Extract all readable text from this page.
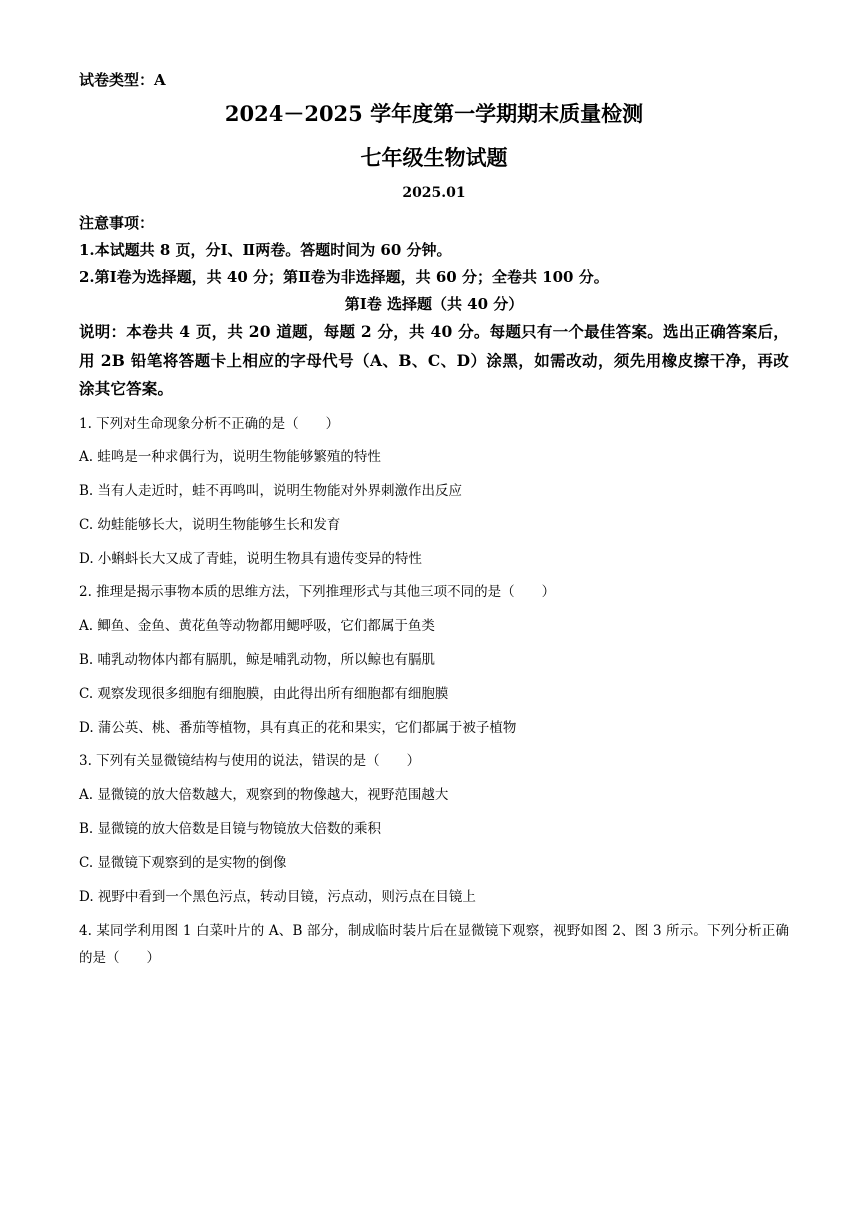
试卷类型：A
2024－2025 学年度第一学期期末质量检测
七年级生物试题
2025.01
注意事项：
1.本试题共 8 页，分Ⅰ、Ⅱ两卷。答题时间为 60 分钟。
2.第Ⅰ卷为选择题，共 40 分；第Ⅱ卷为非选择题，共 60 分；全卷共 100 分。
第Ⅰ卷 选择题（共 40 分）
说明：本卷共 4 页，共 20 道题，每题 2 分，共 40 分。每题只有一个最佳答案。选出正确答案后，用 2B 铅笔将答题卡上相应的字母代号（A、B、C、D）涂黑，如需改动，须先用橡皮擦干净，再改涂其它答案。
1. 下列对生命现象分析不正确的是（　　）
A. 蛙鸣是一种求偶行为，说明生物能够繁殖的特性
B. 当有人走近时，蛙不再鸣叫，说明生物能对外界刺激作出反应
C. 幼蛙能够长大，说明生物能够生长和发育
D. 小蝌蚪长大又成了青蛙，说明生物具有遗传变异的特性
2. 推理是揭示事物本质的思维方法，下列推理形式与其他三项不同的是（　　）
A. 鲫鱼、金鱼、黄花鱼等动物都用鳃呼吸，它们都属于鱼类
B. 哺乳动物体内都有膈肌，鲸是哺乳动物，所以鲸也有膈肌
C. 观察发现很多细胞有细胞膜，由此得出所有细胞都有细胞膜
D. 蒲公英、桃、番茄等植物，具有真正的花和果实，它们都属于被子植物
3. 下列有关显微镜结构与使用的说法，错误的是（　　）
A. 显微镜的放大倍数越大，观察到的物像越大，视野范围越大
B. 显微镜的放大倍数是目镜与物镜放大倍数的乘积
C. 显微镜下观察到的是实物的倒像
D. 视野中看到一个黑色污点，转动目镜，污点动，则污点在目镜上
4. 某同学利用图 1 白菜叶片的 A、B 部分，制成临时装片后在显微镜下观察，视野如图 2、图 3 所示。下列分析正确的是（　　）
